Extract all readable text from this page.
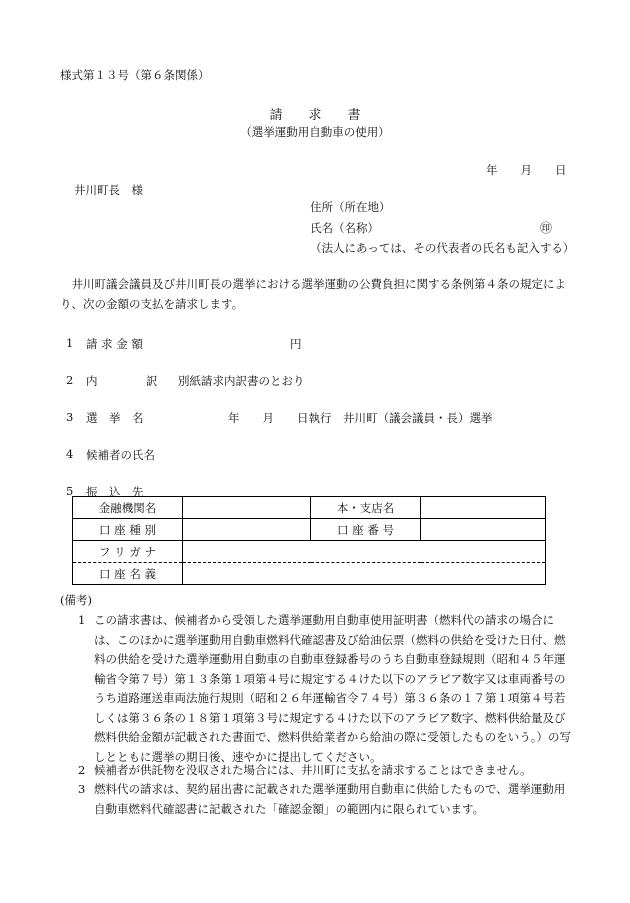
様式第１３号（第６条関係）
請　　求　　書
（選挙運動用自動車の使用）
年　　月　　日
井川町長　様
住所（所在地）
氏名（名称）	㊞
（法人にあっては、その代表者の氏名も記入する）
井川町議会議員及び井川町長の選挙における選挙運動の公費負担に関する条例第４条の規定により、次の金額の支払を請求します。
1 請 求 金 額	円
2 内	訳 別紙請求内訳書のとおり
3 選　挙　名	年　　月　　日執行　井川町（議会議員・長）選挙
4 候補者の氏名
5 振　込　先
金融機関名		本・支店名	
口 座 種 別		口 座 番 号	
フ リ ガ ナ			
口 座 名 義			
(備考)
1 この請求書は、候補者から受領した選挙運動用自動車使用証明書（燃料代の請求の場合には、このほかに選挙運動用自動車燃料代確認書及び給油伝票（燃料の供給を受けた日付、燃料の供給を受けた選挙運動用自動車の自動車登録番号のうち自動車登録規則（昭和４５年運輸省令第７号）第１３条第１項第４号に規定する４けた以下のアラビア数字又は車両番号のうち道路運送車両法施行規則（昭和２６年運輸省令７４号）第３６条の１７第１項第４号若しくは第３６条の１８第１項第３号に規定する４けた以下のアラビア数字、燃料供給量及び燃料供給金額が記載された書面で、燃料供給業者から給油の際に受領したものをいう。）の写しとともに選挙の期日後、速やかに提出してください。
2 候補者が供託物を没収された場合には、井川町に支払を請求することはできません。
3 燃料代の請求は、契約届出書に記載された選挙運動用自動車に供給したもので、選挙運動用自動車燃料代確認書に記載された「確認金額」の範囲内に限られています。
